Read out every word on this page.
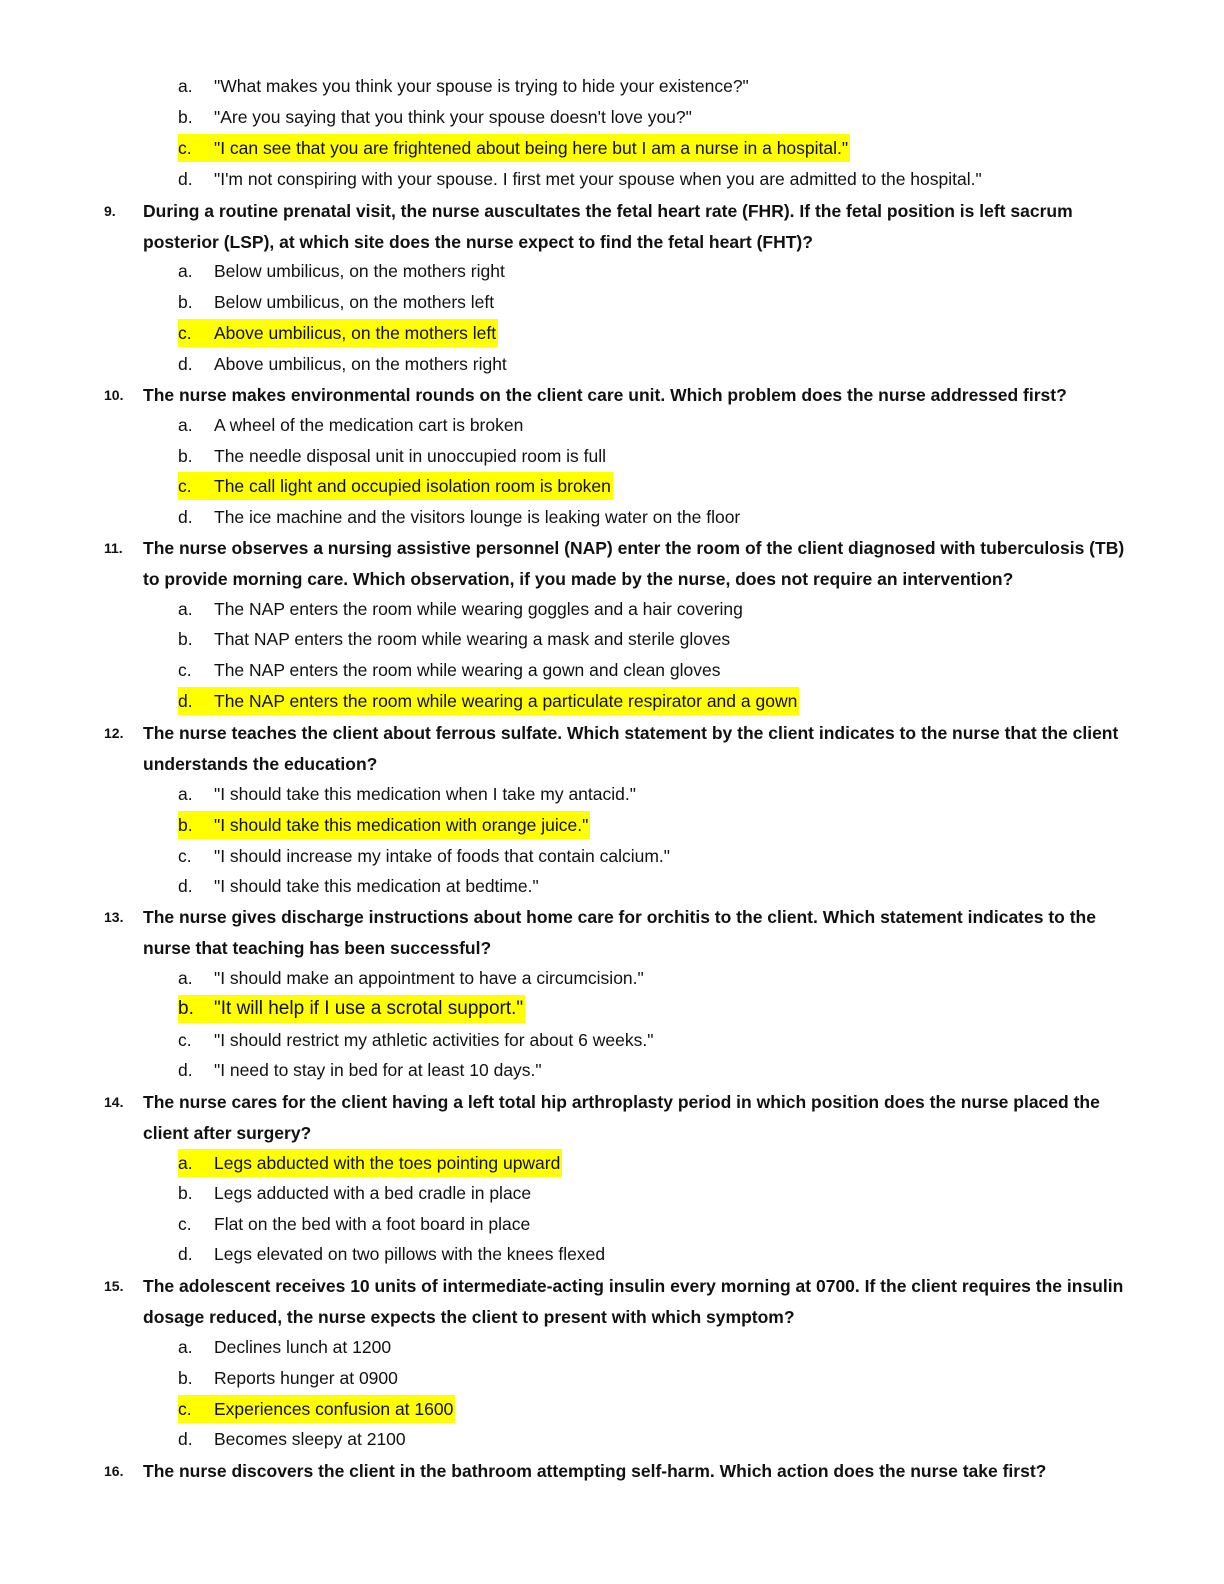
a. "What makes you think your spouse is trying to hide your existence?"
b. "Are you saying that you think your spouse doesn't love you?"
c. "I can see that you are frightened about being here but I am a nurse in a hospital."
d. "I'm not conspiring with your spouse. I first met your spouse when you are admitted to the hospital."
9.	During a routine prenatal visit, the nurse auscultates the fetal heart rate (FHR). If the fetal position is left sacrum posterior (LSP), at which site does the nurse expect to find the fetal heart (FHT)?
a. Below umbilicus, on the mothers right
b. Below umbilicus, on the mothers left
c. Above umbilicus, on the mothers left
d. Above umbilicus, on the mothers right
10.	The nurse makes environmental rounds on the client care unit. Which problem does the nurse addressed first?
a. A wheel of the medication cart is broken
b. The needle disposal unit in unoccupied room is full
c. The call light and occupied isolation room is broken
d. The ice machine and the visitors lounge is leaking water on the floor
11.	The nurse observes a nursing assistive personnel (NAP) enter the room of the client diagnosed with tuberculosis (TB) to provide morning care. Which observation, if you made by the nurse, does not require an intervention?
a. The NAP enters the room while wearing goggles and a hair covering
b. That NAP enters the room while wearing a mask and sterile gloves
c. The NAP enters the room while wearing a gown and clean gloves
d. The NAP enters the room while wearing a particulate respirator and a gown
12.	The nurse teaches the client about ferrous sulfate. Which statement by the client indicates to the nurse that the client understands the education?
a. "I should take this medication when I take my antacid."
b. "I should take this medication with orange juice."
c. "I should increase my intake of foods that contain calcium."
d. "I should take this medication at bedtime."
13.	The nurse gives discharge instructions about home care for orchitis to the client. Which statement indicates to the nurse that teaching has been successful?
a. "I should make an appointment to have a circumcision."
b. "It will help if I use a scrotal support."
c. "I should restrict my athletic activities for about 6 weeks."
d. "I need to stay in bed for at least 10 days."
14.	The nurse cares for the client having a left total hip arthroplasty period in which position does the nurse placed the client after surgery?
a. Legs abducted with the toes pointing upward
b. Legs adducted with a bed cradle in place
c. Flat on the bed with a foot board in place
d. Legs elevated on two pillows with the knees flexed
15.	The adolescent receives 10 units of intermediate-acting insulin every morning at 0700. If the client requires the insulin dosage reduced, the nurse expects the client to present with which symptom?
a. Declines lunch at 1200
b. Reports hunger at 0900
c. Experiences confusion at 1600
d. Becomes sleepy at 2100
16.	The nurse discovers the client in the bathroom attempting self-harm. Which action does the nurse take first?
